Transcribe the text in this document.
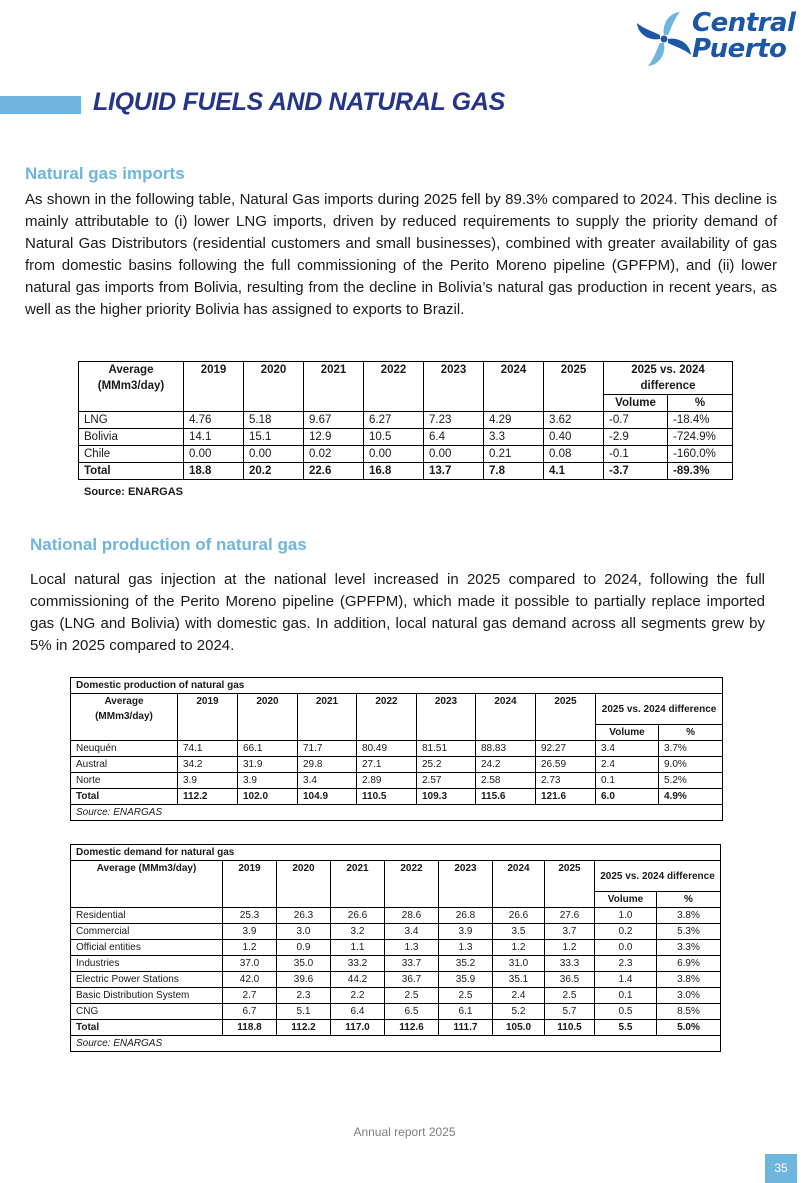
Central
Puerto
LIQUID FUELS AND NATURAL GAS
Natural gas imports
As shown in the following table, Natural Gas imports during 2025 fell by 89.3% compared to 2024. This decline is mainly attributable to (i) lower LNG imports, driven by reduced requirements to supply the priority demand of Natural Gas Distributors (residential customers and small businesses), combined with greater availability of gas from domestic basins following the full commissioning of the Perito Moreno pipeline (GPFPM), and (ii) lower natural gas imports from Bolivia, resulting from the decline in Bolivia’s natural gas production in recent years, as well as the higher priority Bolivia has assigned to exports to Brazil.
Average (MMm3/day)	2019	2020	2021	2022	2023	2024	2025	2025 vs. 2024 difference	
								Volume	%
LNG	4.76	5.18	9.67	6.27	7.23	4.29	3.62	-0.7	-18.4%
Bolivia	14.1	15.1	12.9	10.5	6.4	3.3	0.40	-2.9	-724.9%
Chile	0.00	0.00	0.02	0.00	0.00	0.21	0.08	-0.1	-160.0%
Total	18.8	20.2	22.6	16.8	13.7	7.8	4.1	-3.7	-89.3%
Source: ENARGAS
National production of natural gas
Local natural gas injection at the national level increased in 2025 compared to 2024, following the full commissioning of the Perito Moreno pipeline (GPFPM), which made it possible to partially replace imported gas (LNG and Bolivia) with domestic gas. In addition, local natural gas demand across all segments grew by 5% in 2025 compared to 2024.
Domestic production of natural gas									
Average (MMm3/day)	2019	2020	2021	2022	2023	2024	2025	2025 vs. 2024 difference	
								Volume	%
Neuquén	74.1	66.1	71.7	80.49	81.51	88.83	92.27	3.4	3.7%
Austral	34.2	31.9	29.8	27.1	25.2	24.2	26.59	2.4	9.0%
Norte	3.9	3.9	3.4	2.89	2.57	2.58	2.73	0.1	5.2%
Total	112.2	102.0	104.9	110.5	109.3	115.6	121.6	6.0	4.9%
Source: ENARGAS									
Domestic demand for natural gas									
Average (MMm3/day)	2019	2020	2021	2022	2023	2024	2025	2025 vs. 2024 difference	
								Volume	%
Residential	25.3	26.3	26.6	28.6	26.8	26.6	27.6	1.0	3.8%
Commercial	3.9	3.0	3.2	3.4	3.9	3.5	3.7	0.2	5.3%
Official entities	1.2	0.9	1.1	1.3	1.3	1.2	1.2	0.0	3.3%
Industries	37.0	35.0	33.2	33.7	35.2	31.0	33.3	2.3	6.9%
Electric Power Stations	42.0	39.6	44.2	36.7	35.9	35.1	36.5	1.4	3.8%
Basic Distribution System	2.7	2.3	2.2	2.5	2.5	2.4	2.5	0.1	3.0%
CNG	6.7	5.1	6.4	6.5	6.1	5.2	5.7	0.5	8.5%
Total	118.8	112.2	117.0	112.6	111.7	105.0	110.5	5.5	5.0%
Source: ENARGAS									
Annual report 2025
35
